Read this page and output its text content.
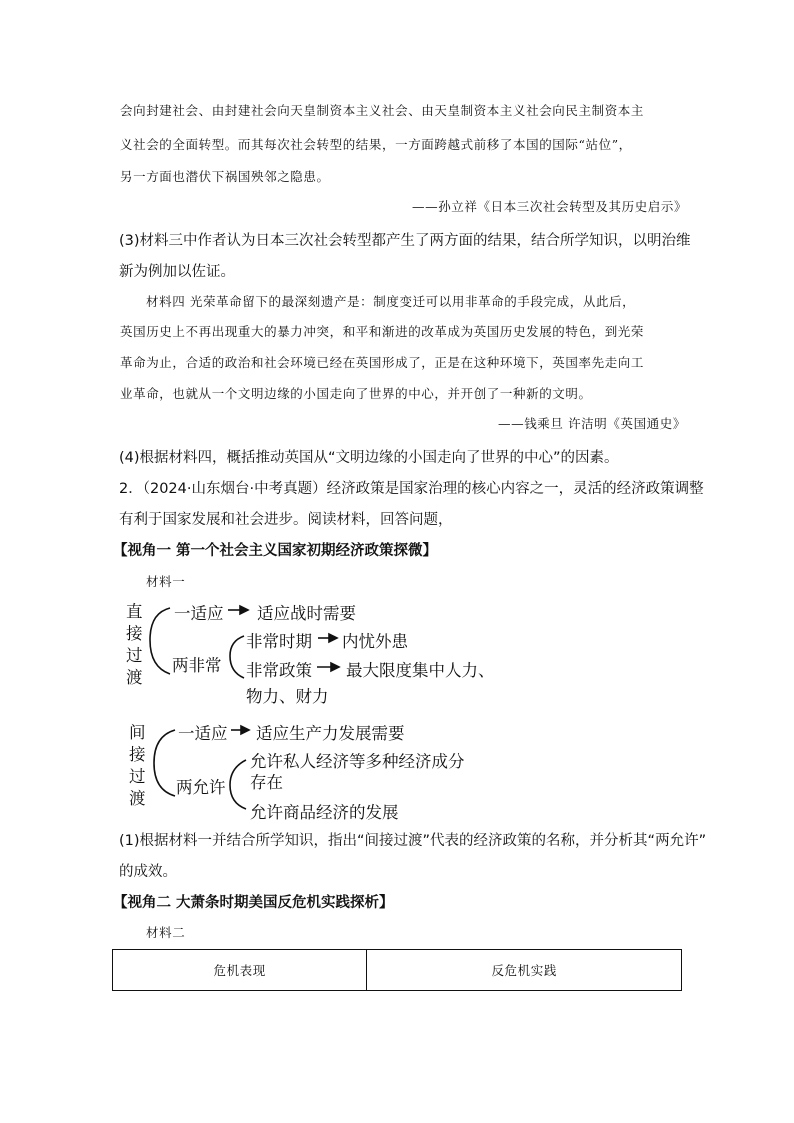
会向封建社会、由封建社会向天皇制资本主义社会、由天皇制资本主义社会向民主制资本主
义社会的全面转型。而其每次社会转型的结果，一方面跨越式前移了本国的国际“站位”，
另一方面也潜伏下祸国殃邻之隐患。
——孙立祥《日本三次社会转型及其历史启示》
(3)材料三中作者认为日本三次社会转型都产生了两方面的结果，结合所学知识，以明治维
新为例加以佐证。
材料四 光荣革命留下的最深刻遗产是：制度变迁可以用非革命的手段完成，从此后，
英国历史上不再出现重大的暴力冲突，和平和渐进的改革成为英国历史发展的特色，到光荣
革命为止，合适的政治和社会环境已经在英国形成了，正是在这种环境下，英国率先走向工
业革命，也就从一个文明边缘的小国走向了世界的中心，并开创了一种新的文明。
——钱乘旦 许洁明《英国通史》
(4)根据材料四，概括推动英国从“文明边缘的小国走向了世界的中心”的因素。
2．（2024·山东烟台·中考真题）经济政策是国家治理的核心内容之一，灵活的经济政策调整
有利于国家发展和社会进步。阅读材料，回答问题，
【视角一 第一个社会主义国家初期经济政策探微】
材料一
直
接
过
渡
一适应 适应战时需要
两非常
非常时期 内忧外患
非常政策 最大限度集中人力、
物力、财力
间
接
过
渡
一适应 适应生产力发展需要
两允许
允许私人经济等多种经济成分
存在
允许商品经济的发展
(1)根据材料一并结合所学知识，指出“间接过渡”代表的经济政策的名称，并分析其“两允许”
的成效。
【视角二 大萧条时期美国反危机实践探析】
材料二
危机表现	反危机实践
